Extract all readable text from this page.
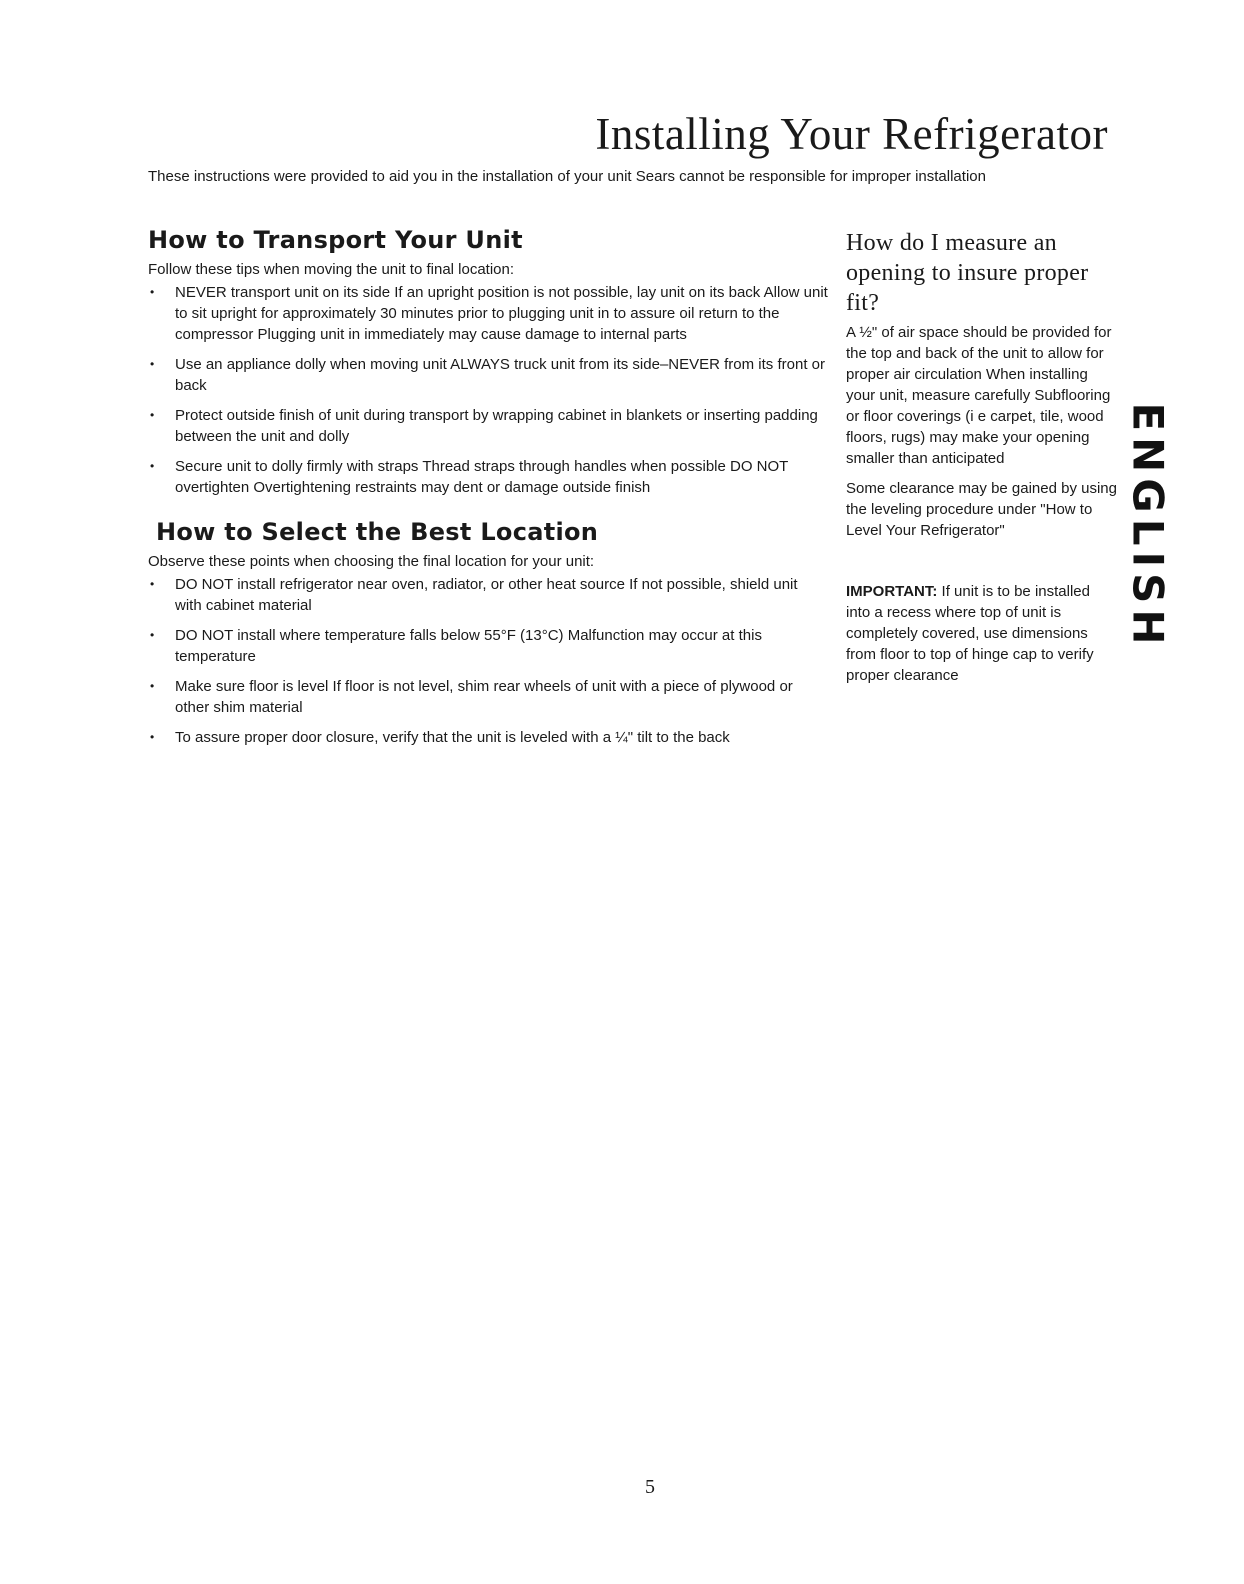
Installing Your Refrigerator

These instructions were provided to aid you in the installation of your unit Sears cannot be responsible for improper installation

How to Transport Your Unit

Follow these tips when moving the unit to final location:

• NEVER transport unit on its side If an upright position is not possible, lay unit on its back Allow unit to sit upright for approximately 30 minutes prior to plugging unit in to assure oil return to the compressor Plugging unit in immediately may cause damage to internal parts
• Use an appliance dolly when moving unit ALWAYS truck unit from its side–NEVER from its front or back
• Protect outside finish of unit during transport by wrapping cabinet in blankets or inserting padding between the unit and dolly
• Secure unit to dolly firmly with straps Thread straps through handles when possible DO NOT overtighten Overtightening restraints may dent or damage outside finish
How to Select the Best Location

Observe these points when choosing the final location for your unit:

• DO NOT install refrigerator near oven, radiator, or other heat source If not possible, shield unit with cabinet material
• DO NOT install where temperature falls below 55°F (13°C) Malfunction may occur at this temperature
• Make sure floor is level If floor is not level, shim rear wheels of unit with a piece of plywood or other shim material
• To assure proper door closure, verify that the unit is leveled with a ¼" tilt to the back
How do I measure an opening to insure proper fit?

A ½" of air space should be provided for the top and back of the unit to allow for proper air circulation When installing your unit, measure carefully Subflooring or floor coverings (i e carpet, tile, wood floors, rugs) may make your opening smaller than anticipated

Some clearance may be gained by using the leveling procedure under "How to Level Your Refrigerator"

IMPORTANT: If unit is to be installed into a recess where top of unit is completely covered, use dimensions from floor to top of hinge cap to verify proper clearance

ENGLISH
5
